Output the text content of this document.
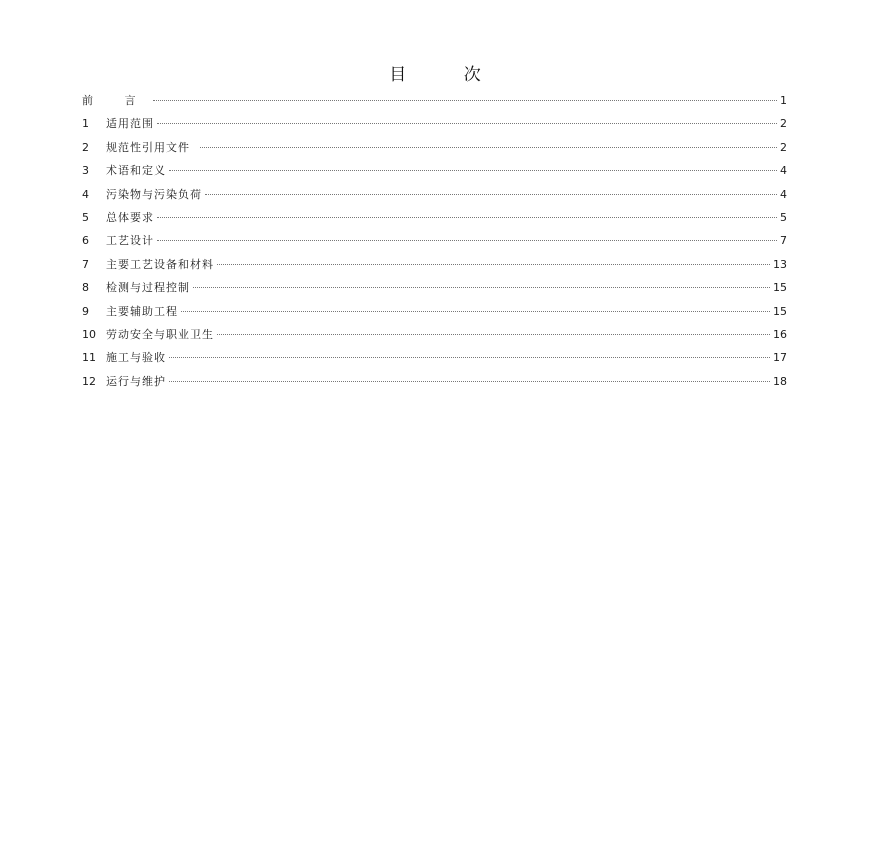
目 次
前 言	1
1	适用范围	2
2	规范性引用文件	2
3	术语和定义	4
4	污染物与污染负荷	4
5	总体要求	5
6	工艺设计	7
7	主要工艺设备和材料	13
8	检测与过程控制	15
9	主要辅助工程	15
10 劳动安全与职业卫生	16
11 施工与验收	17
12 运行与维护	18
